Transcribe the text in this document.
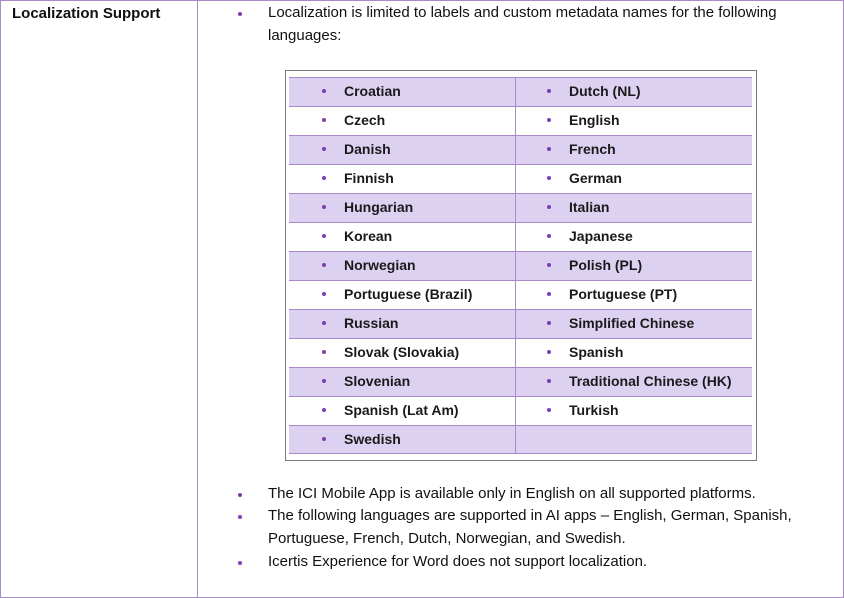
Localization Support	Localization is limited to labels and custom metadata names for the following languages:
Croatian	Dutch (NL)
Czech	English
Danish	French
Finnish	German
Hungarian	Italian
Korean	Japanese
Norwegian	Polish (PL)
Portuguese (Brazil)	Portuguese (PT)
Russian	Simplified Chinese
Slovak (Slovakia)	Spanish
Slovenian	Traditional Chinese (HK)
Spanish (Lat Am)	Turkish
Swedish
The ICI Mobile App is available only in English on all supported platforms.
The following languages are supported in AI apps – English, German, Spanish, Portuguese, French, Dutch, Norwegian, and Swedish.
Icertis Experience for Word does not support localization.
